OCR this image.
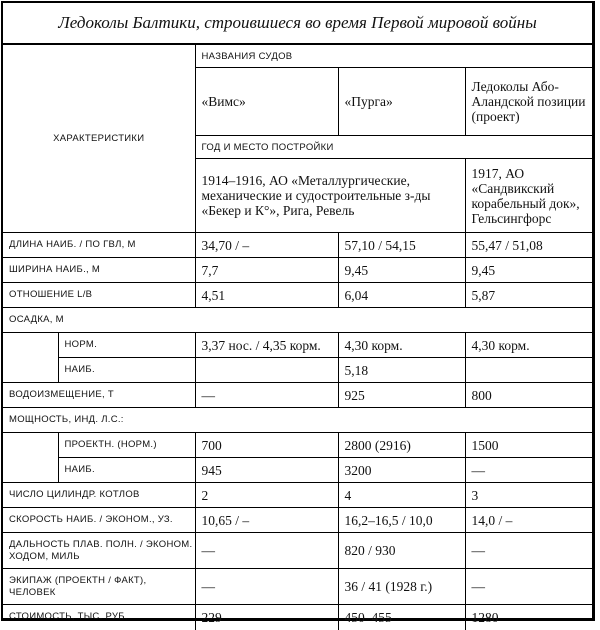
Ледоколы Балтики, строившиеся во время Первой мировой войны
ХАРАКТЕРИСТИКИ		НАЗВАНИЯ СУДОВ		
		«Вимс»	«Пурга»	Ледоколы Або-Аландской позиции (проект)
		ГОД И МЕСТО ПОСТРОЙКИ		
		1914–1916, АО «Металлургические, механические и судостроительные з-ды «Бекер и К°», Рига, Ревель		1917, АО «Сандвикский корабельный док», Гельсингфорс
ДЛИНА НАИБ. / ПО ГВЛ, М		34,70 / –	57,10 / 54,15	55,47 / 51,08
ШИРИНА НАИБ., М		7,7	9,45	9,45
ОТНОШЕНИЕ L/B		4,51	6,04	5,87
ОСАДКА, М				
	НОРМ.	3,37 нос. / 4,35 корм.	4,30 корм.	4,30 корм.
	НАИБ.		5,18	
ВОДОИЗМЕЩЕНИЕ, Т		—	925	800
МОЩНОСТЬ, ИНД. Л.С.:				
	ПРОЕКТН. (НОРМ.)	700	2800 (2916)	1500
	НАИБ.	945	3200	—
ЧИСЛО ЦИЛИНДР. КОТЛОВ		2	4	3
СКОРОСТЬ НАИБ. / ЭКОНОМ., УЗ.		10,65 / –	16,2–16,5 / 10,0	14,0 / –
ДАЛЬНОСТЬ ПЛАВ. ПОЛН. / ЭКОНОМ. ХОДОМ, МИЛЬ		—	820 / 930	—
ЭКИПАЖ (ПРОЕКТН / ФАКТ), ЧЕЛОВЕК		—	36 / 41 (1928 г.)	—
СТОИМОСТЬ, ТЫС. РУБ.		229	450–455	1280
